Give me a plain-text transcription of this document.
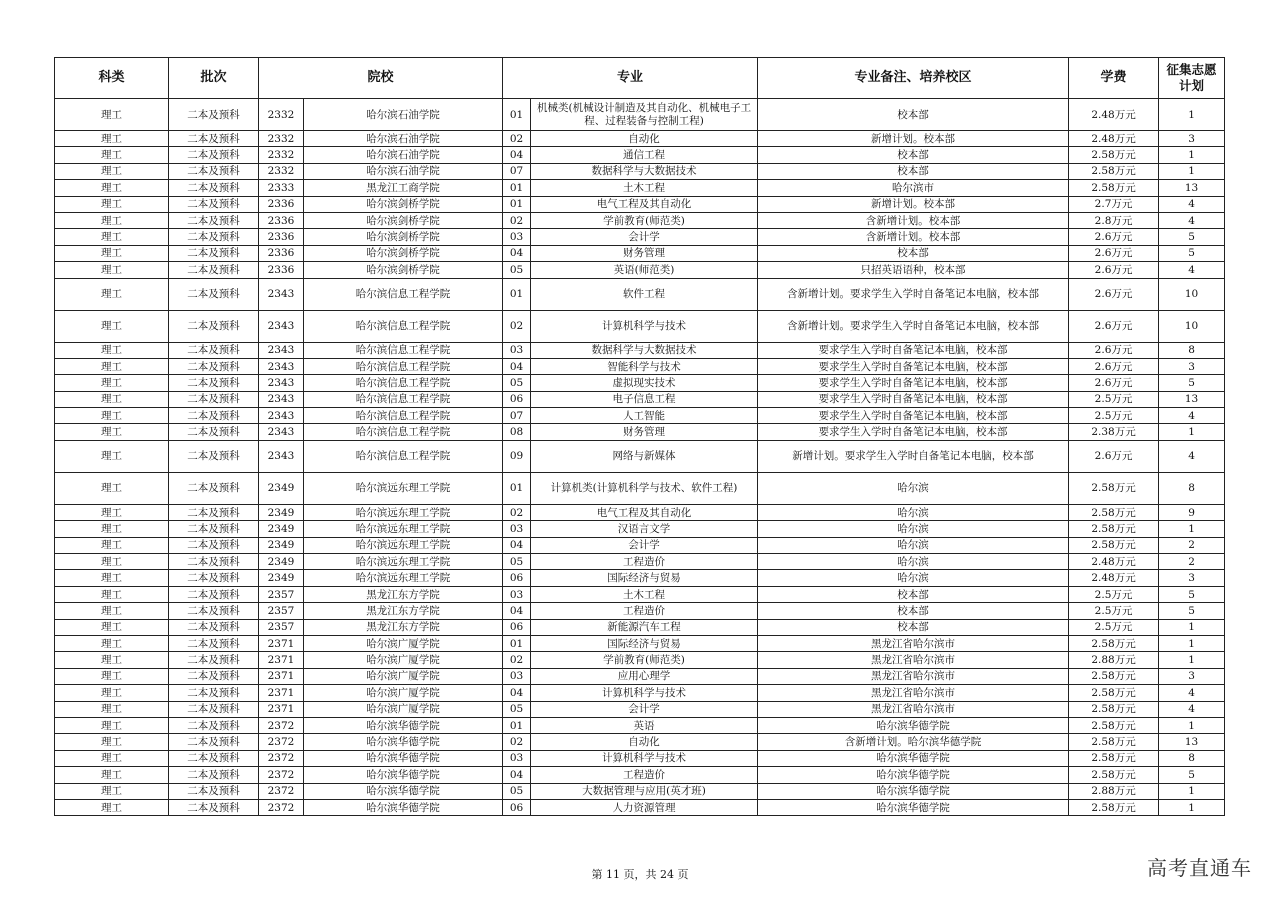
科类	批次	院校		专业		专业备注、培养校区	学费	征集志愿计划
理工	二本及预科	2332	哈尔滨石油学院	01	机械类(机械设计制造及其自动化、机械电子工程、过程装备与控制工程)	校本部	2.48万元	1
理工	二本及预科	2332	哈尔滨石油学院	02	自动化	新增计划。校本部	2.48万元	3
理工	二本及预科	2332	哈尔滨石油学院	04	通信工程	校本部	2.58万元	1
理工	二本及预科	2332	哈尔滨石油学院	07	数据科学与大数据技术	校本部	2.58万元	1
理工	二本及预科	2333	黑龙江工商学院	01	土木工程	哈尔滨市	2.58万元	13
理工	二本及预科	2336	哈尔滨剑桥学院	01	电气工程及其自动化	新增计划。校本部	2.7万元	4
理工	二本及预科	2336	哈尔滨剑桥学院	02	学前教育(师范类)	含新增计划。校本部	2.8万元	4
理工	二本及预科	2336	哈尔滨剑桥学院	03	会计学	含新增计划。校本部	2.6万元	5
理工	二本及预科	2336	哈尔滨剑桥学院	04	财务管理	校本部	2.6万元	5
理工	二本及预科	2336	哈尔滨剑桥学院	05	英语(师范类)	只招英语语种，校本部	2.6万元	4
理工	二本及预科	2343	哈尔滨信息工程学院	01	软件工程	含新增计划。要求学生入学时自备笔记本电脑，校本部	2.6万元	10
理工	二本及预科	2343	哈尔滨信息工程学院	02	计算机科学与技术	含新增计划。要求学生入学时自备笔记本电脑，校本部	2.6万元	10
理工	二本及预科	2343	哈尔滨信息工程学院	03	数据科学与大数据技术	要求学生入学时自备笔记本电脑，校本部	2.6万元	8
理工	二本及预科	2343	哈尔滨信息工程学院	04	智能科学与技术	要求学生入学时自备笔记本电脑，校本部	2.6万元	3
理工	二本及预科	2343	哈尔滨信息工程学院	05	虚拟现实技术	要求学生入学时自备笔记本电脑，校本部	2.6万元	5
理工	二本及预科	2343	哈尔滨信息工程学院	06	电子信息工程	要求学生入学时自备笔记本电脑，校本部	2.5万元	13
理工	二本及预科	2343	哈尔滨信息工程学院	07	人工智能	要求学生入学时自备笔记本电脑，校本部	2.5万元	4
理工	二本及预科	2343	哈尔滨信息工程学院	08	财务管理	要求学生入学时自备笔记本电脑，校本部	2.38万元	1
理工	二本及预科	2343	哈尔滨信息工程学院	09	网络与新媒体	新增计划。要求学生入学时自备笔记本电脑，校本部	2.6万元	4
理工	二本及预科	2349	哈尔滨远东理工学院	01	计算机类(计算机科学与技术、软件工程)	哈尔滨	2.58万元	8
理工	二本及预科	2349	哈尔滨远东理工学院	02	电气工程及其自动化	哈尔滨	2.58万元	9
理工	二本及预科	2349	哈尔滨远东理工学院	03	汉语言文学	哈尔滨	2.58万元	1
理工	二本及预科	2349	哈尔滨远东理工学院	04	会计学	哈尔滨	2.58万元	2
理工	二本及预科	2349	哈尔滨远东理工学院	05	工程造价	哈尔滨	2.48万元	2
理工	二本及预科	2349	哈尔滨远东理工学院	06	国际经济与贸易	哈尔滨	2.48万元	3
理工	二本及预科	2357	黑龙江东方学院	03	土木工程	校本部	2.5万元	5
理工	二本及预科	2357	黑龙江东方学院	04	工程造价	校本部	2.5万元	5
理工	二本及预科	2357	黑龙江东方学院	06	新能源汽车工程	校本部	2.5万元	1
理工	二本及预科	2371	哈尔滨广厦学院	01	国际经济与贸易	黑龙江省哈尔滨市	2.58万元	1
理工	二本及预科	2371	哈尔滨广厦学院	02	学前教育(师范类)	黑龙江省哈尔滨市	2.88万元	1
理工	二本及预科	2371	哈尔滨广厦学院	03	应用心理学	黑龙江省哈尔滨市	2.58万元	3
理工	二本及预科	2371	哈尔滨广厦学院	04	计算机科学与技术	黑龙江省哈尔滨市	2.58万元	4
理工	二本及预科	2371	哈尔滨广厦学院	05	会计学	黑龙江省哈尔滨市	2.58万元	4
理工	二本及预科	2372	哈尔滨华德学院	01	英语	哈尔滨华德学院	2.58万元	1
理工	二本及预科	2372	哈尔滨华德学院	02	自动化	含新增计划。哈尔滨华德学院	2.58万元	13
理工	二本及预科	2372	哈尔滨华德学院	03	计算机科学与技术	哈尔滨华德学院	2.58万元	8
理工	二本及预科	2372	哈尔滨华德学院	04	工程造价	哈尔滨华德学院	2.58万元	5
理工	二本及预科	2372	哈尔滨华德学院	05	大数据管理与应用(英才班)	哈尔滨华德学院	2.88万元	1
理工	二本及预科	2372	哈尔滨华德学院	06	人力资源管理	哈尔滨华德学院	2.58万元	1
第 11 页，共 24 页	高考直通车
